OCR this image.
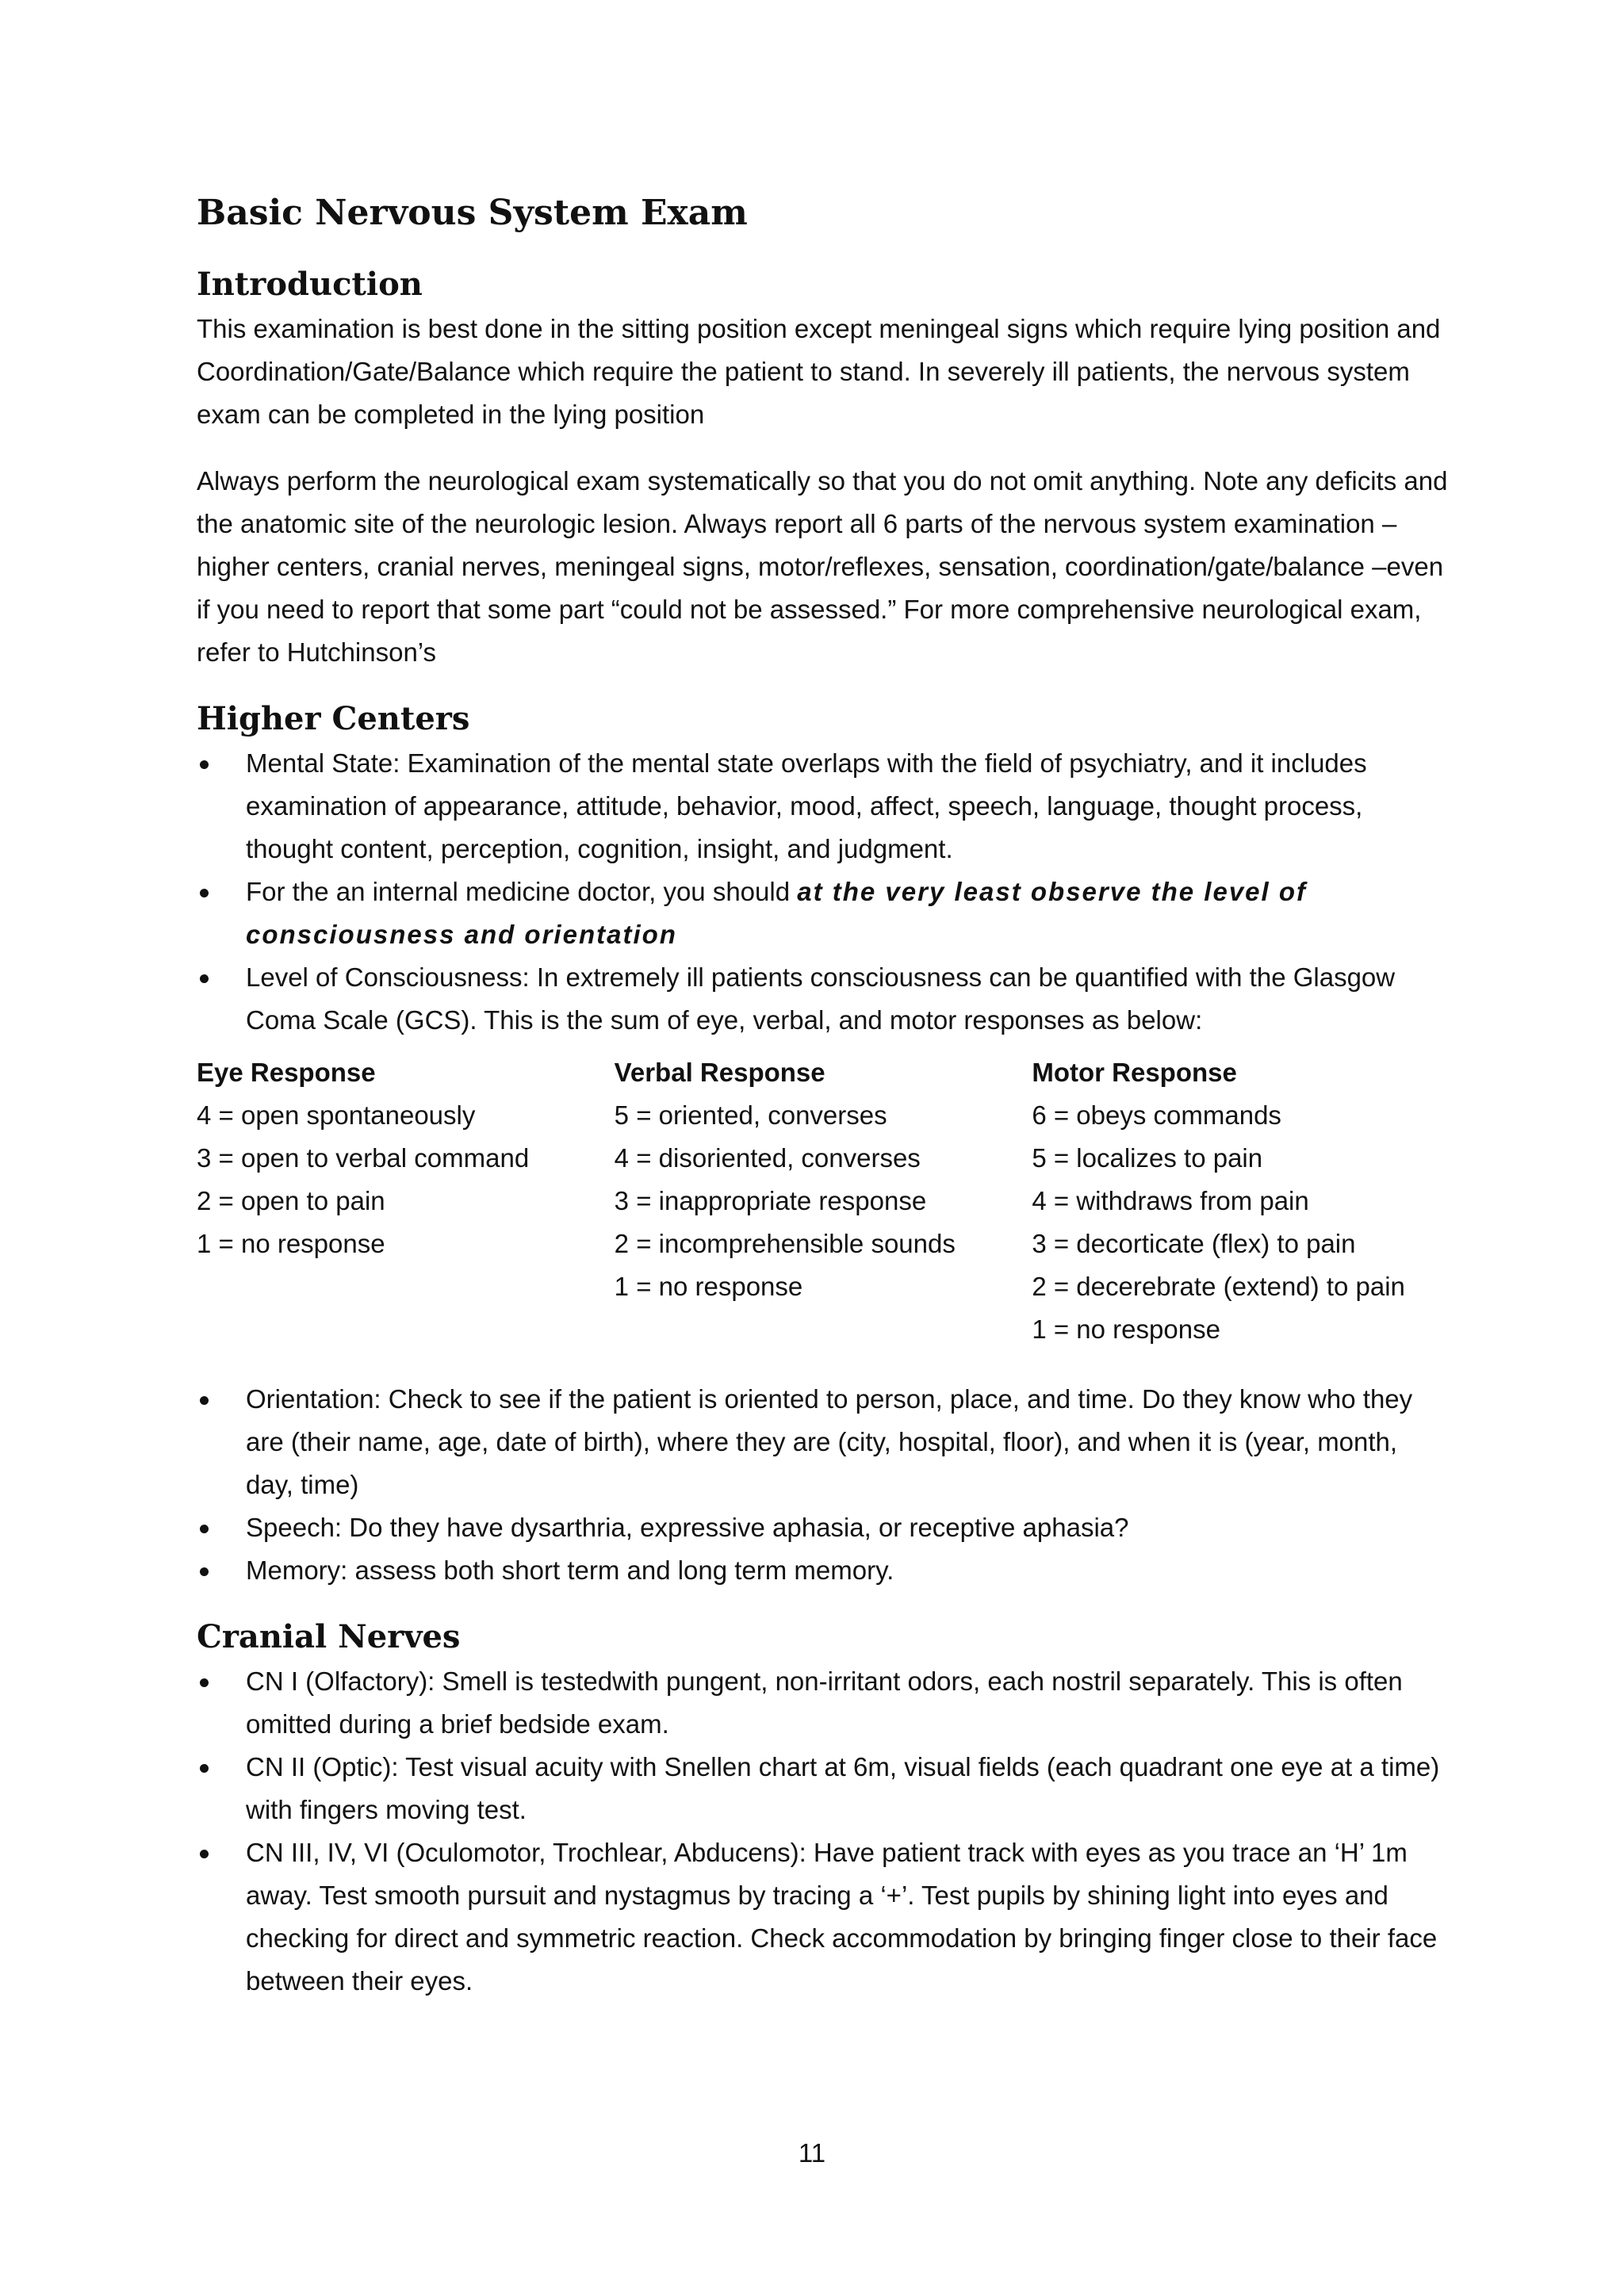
Basic Nervous System Exam
Introduction

This examination is best done in the sitting position except meningeal signs which require lying position and Coordination/Gate/Balance which require the patient to stand. In severely ill patients, the nervous system exam can be completed in the lying position

Always perform the neurological exam systematically so that you do not omit anything. Note any deficits and the anatomic site of the neurologic lesion. Always report all 6 parts of the nervous system examination – higher centers, cranial nerves, meningeal signs, motor/reflexes, sensation, coordination/gate/balance –even if you need to report that some part “could not be assessed.” For more comprehensive neurological exam, refer to Hutchinson’s

Higher Centers
Mental State: Examination of the mental state overlaps with the field of psychiatry, and it includes examination of appearance, attitude, behavior, mood, affect, speech, language, thought process, thought content, perception, cognition, insight, and judgment.
For the an internal medicine doctor, you should at the very least observe the level of consciousness and orientation
Level of Consciousness: In extremely ill patients consciousness can be quantified with the Glasgow Coma Scale (GCS). This is the sum of eye, verbal, and motor responses as below:
Eye Response
4 = open spontaneously
3 = open to verbal command
2 = open to pain
1 = no response
Verbal Response
5 = oriented, converses
4 = disoriented, converses
3 = inappropriate response
2 = incomprehensible sounds
1 = no response
Motor Response
6 = obeys commands
5 = localizes to pain
4 = withdraws from pain
3 = decorticate (flex) to pain
2 = decerebrate (extend) to pain
1 = no response
Orientation: Check to see if the patient is oriented to person, place, and time. Do they know who they are (their name, age, date of birth), where they are (city, hospital, floor), and when it is (year, month, day, time)
Speech: Do they have dysarthria, expressive aphasia, or receptive aphasia?
Memory: assess both short term and long term memory.
Cranial Nerves
CN I (Olfactory): Smell is testedwith pungent, non-irritant odors, each nostril separately. This is often omitted during a brief bedside exam.
CN II (Optic): Test visual acuity with Snellen chart at 6m, visual fields (each quadrant one eye at a time) with fingers moving test.
CN III, IV, VI (Oculomotor, Trochlear, Abducens): Have patient track with eyes as you trace an ‘H’ 1m away. Test smooth pursuit and nystagmus by tracing a ‘+’. Test pupils by shining light into eyes and checking for direct and symmetric reaction. Check accommodation by bringing finger close to their face between their eyes.
11
